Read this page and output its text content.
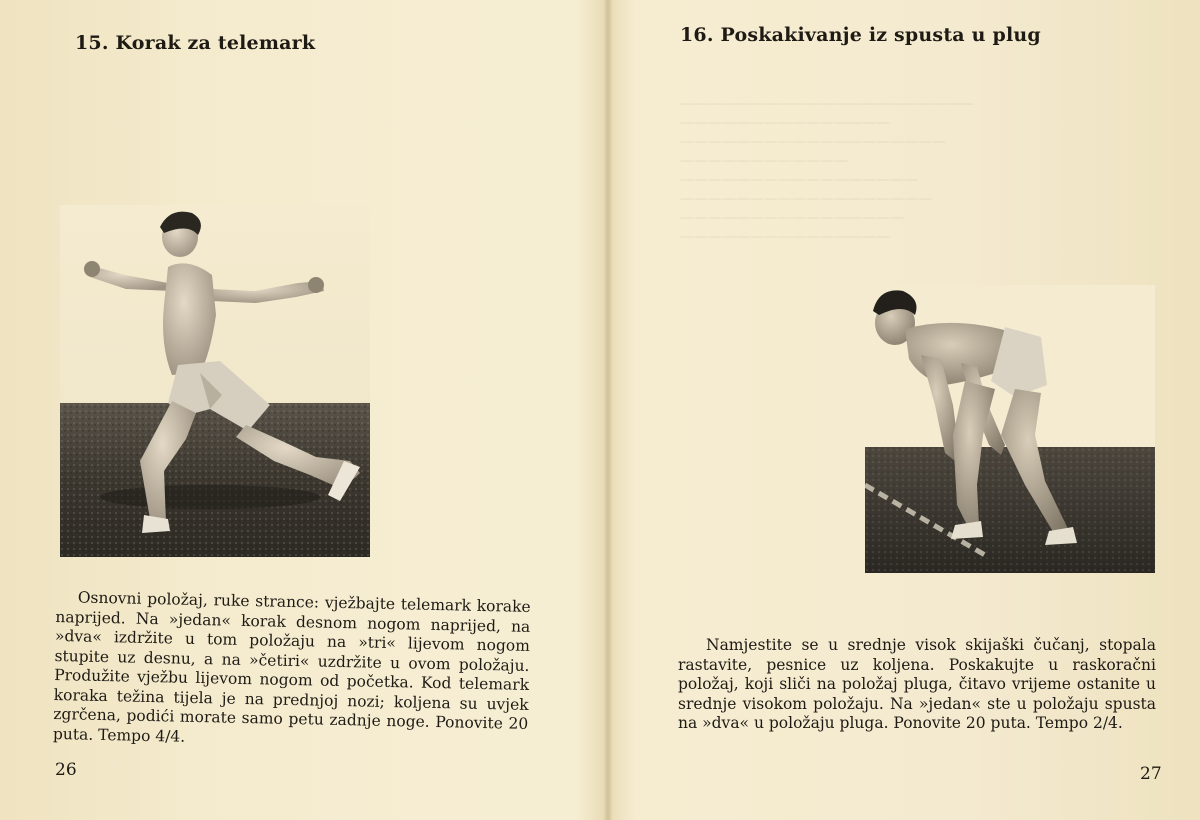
—————————————————————
———————————————
———————————————————
————————————
—————————————————
——————————————————
————————————————
———————————————
15. Korak za telemark

Osnovni položaj, ruke strance: vježbajte telemark korake naprijed. Na »jedan« korak desnom nogom naprijed, na »dva« izdržite u tom položaju na »tri« lijevom nogom stupite uz desnu, a na »četiri« uzdržite u ovom položaju. Produžite vježbu lijevom nogom od početka. Kod telemark koraka težina tijela je na prednjoj nozi; koljena su uvjek zgrčena, podići morate samo petu zadnje noge. Ponovite 20 puta. Tempo 4/4.

26
16. Poskakivanje iz spusta u plug

Namjestite se u srednje visok skijaški čučanj, stopala rastavite, pesnice uz koljena. Poskakujte u raskoračni položaj, koji sliči na položaj pluga, čitavo vrijeme ostanite u srednje visokom položaju. Na »jedan« ste u položaju spusta na »dva« u položaju pluga. Ponovite 20 puta. Tempo 2/4.

27
